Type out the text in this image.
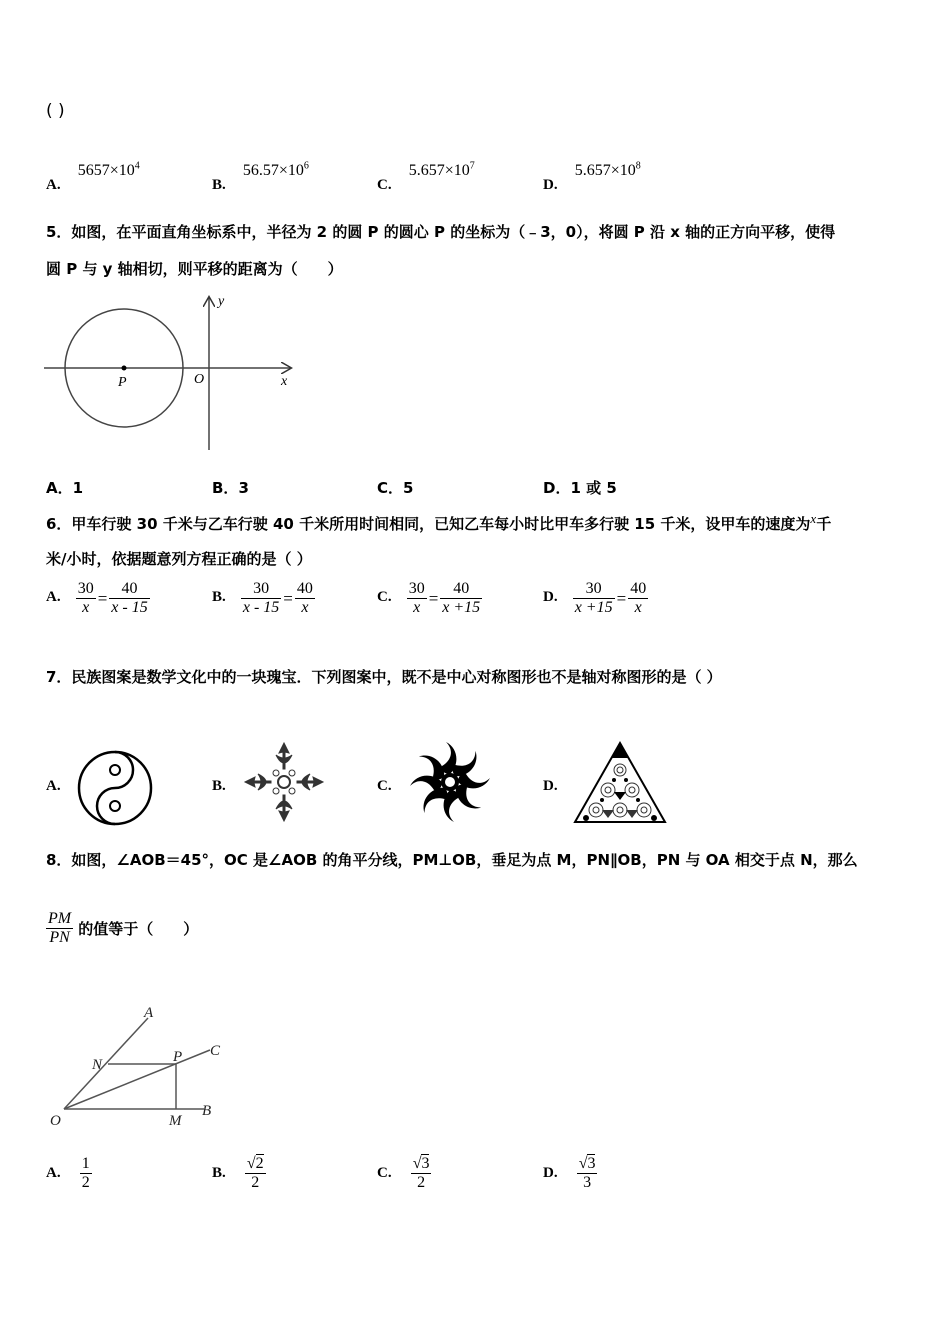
( )
A. $5657\times 10^4$
B. $56.57\times 10^6$
C. $5.657\times 10^7$
D. $5.657\times 10^8$
5．如图，在平面直角坐标系中，半径为 2 的圆 P 的圆心 P 的坐标为（﹣3，0），将圆 P 沿 x 轴的正方向平移，使得
圆 P 与 y 轴相切，则平移的距离为（　　）
P	O	x
y
A．1	B．3	C．5	D．1 或 5
6．甲车行驶 30 千米与乙车行驶 40 千米所用时间相同，已知乙车每小时比甲车多行驶 15 千米，设甲车的速度为x千
米/小时，依据题意列方程正确的是（ ）
A. $\frac{30}{x} = \frac{40}{x - 15}$	B. $\frac{30}{x - 15} = \frac{40}{x}$	C. $\frac{30}{x} = \frac{40}{x +15}$	D. $\frac{30}{x +15} = \frac{40}{x}$
7．民族图案是数学文化中的一块瑰宝．下列图案中，既不是中心对称图形也不是轴对称图形的是（ ）
A.	B.	C.	D.
8．如图，∠AOB＝45°，OC 是∠AOB 的角平分线，PM⊥OB，垂足为点 M，PN∥OB，PN 与 OA 相交于点 N，那么
$\frac{PM}{PN}$ 的值等于（　　）
A
C
B
N	P
O	M
A. $\frac{1}{2}$	B. $\frac{√2}{2}$	C. $\frac{√3}{2}$	D. $\frac{√3}{3}$
